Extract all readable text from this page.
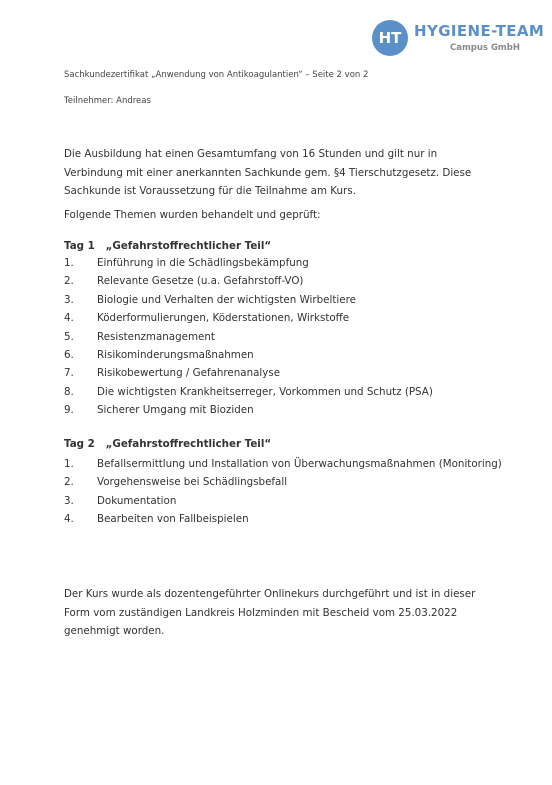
HT HYGIENE-TEAM
Campus GmbH
Sachkundezertifikat „Anwendung von Antikoagulantien“ – Seite 2 von 2
Teilnehmer: Andreas
Die Ausbildung hat einen Gesamtumfang von 16 Stunden und gilt nur in Verbindung mit einer anerkannten Sachkunde gem. §4 Tierschutzgesetz. Diese Sachkunde ist Voraussetzung für die Teilnahme am Kurs.
Folgende Themen wurden behandelt und geprüft:
Tag 1 „Gefahrstoffrechtlicher Teil“
1.	Einführung in die Schädlingsbekämpfung
2.	Relevante Gesetze (u.a. Gefahrstoff-VO)
3.	Biologie und Verhalten der wichtigsten Wirbeltiere
4.	Köderformulierungen, Köderstationen, Wirkstoffe
5.	Resistenzmanagement
6.	Risikominderungsmaßnahmen
7.	Risikobewertung / Gefahrenanalyse
8.	Die wichtigsten Krankheitserreger, Vorkommen und Schutz (PSA)
9.	Sicherer Umgang mit Bioziden
Tag 2 „Gefahrstoffrechtlicher Teil“
1.	Befallsermittlung und Installation von Überwachungsmaßnahmen (Monitoring)
2.	Vorgehensweise bei Schädlingsbefall
3.	Dokumentation
4.	Bearbeiten von Fallbeispielen
Der Kurs wurde als dozentengeführter Onlinekurs durchgeführt und ist in dieser Form vom zuständigen Landkreis Holzminden mit Bescheid vom 25.03.2022 genehmigt worden.
